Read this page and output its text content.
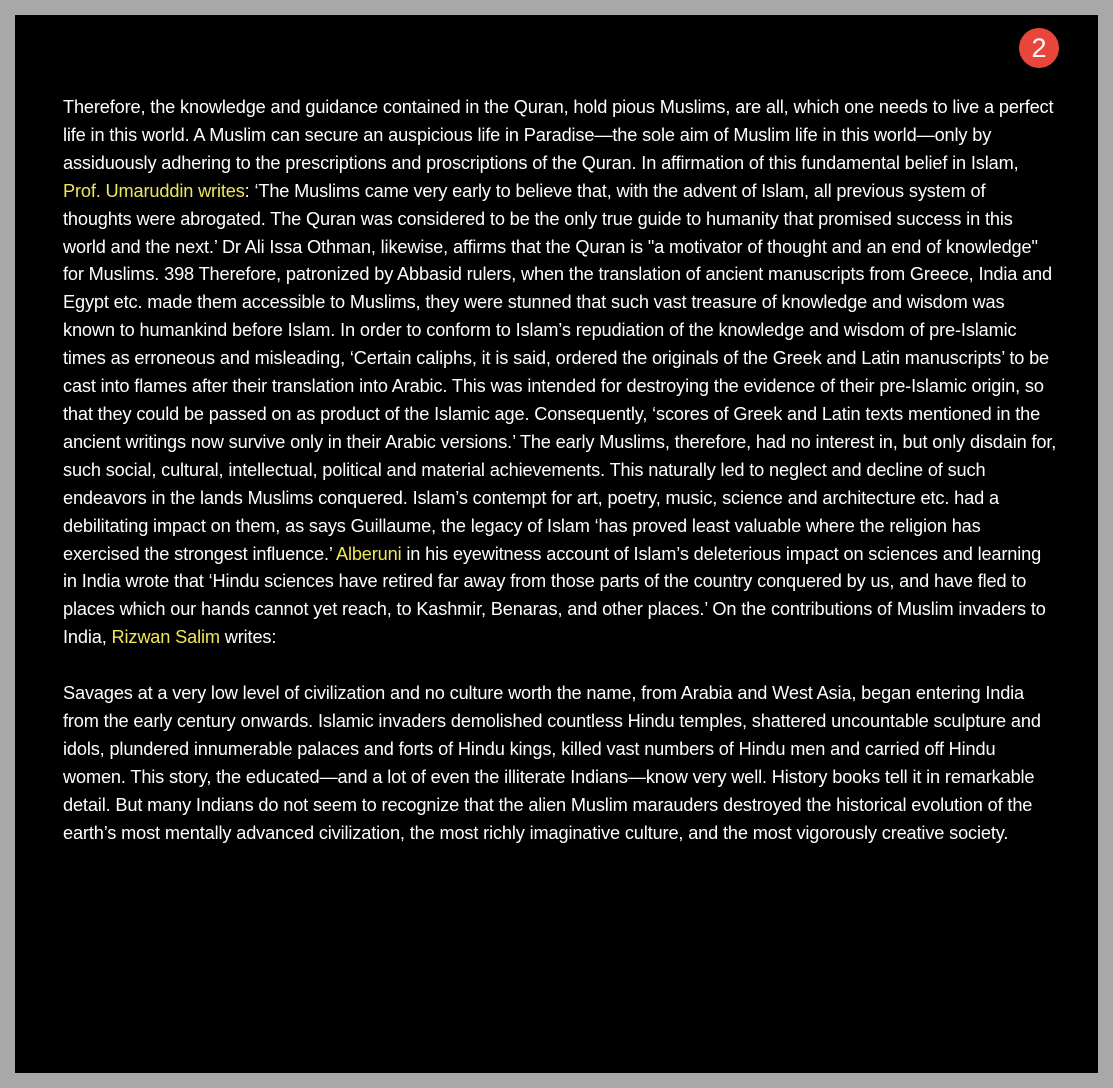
2

Therefore, the knowledge and guidance contained in the Quran, hold pious Muslims, are all, which one needs to live a perfect life in this world. A Muslim can secure an auspicious life in Paradise—the sole aim of Muslim life in this world—only by assiduously adhering to the prescriptions and proscriptions of the Quran. In affirmation of this fundamental belief in Islam, Prof. Umaruddin writes: ‘The Muslims came very early to believe that, with the advent of Islam, all previous system of thoughts were abrogated. The Quran was considered to be the only true guide to humanity that promised success in this world and the next.’ Dr Ali Issa Othman, likewise, affirms that the Quran is "a motivator of thought and an end of knowledge" for Muslims. 398 Therefore, patronized by Abbasid rulers, when the translation of ancient manuscripts from Greece, India and Egypt etc. made them accessible to Muslims, they were stunned that such vast treasure of knowledge and wisdom was known to humankind before Islam. In order to conform to Islam’s repudiation of the knowledge and wisdom of pre-Islamic times as erroneous and misleading, ‘Certain caliphs, it is said, ordered the originals of the Greek and Latin manuscripts’ to be cast into flames after their translation into Arabic. This was intended for destroying the evidence of their pre-Islamic origin, so that they could be passed on as product of the Islamic age. Consequently, ‘scores of Greek and Latin texts mentioned in the ancient writings now survive only in their Arabic versions.’ The early Muslims, therefore, had no interest in, but only disdain for, such social, cultural, intellectual, political and material achievements. This naturally led to neglect and decline of such endeavors in the lands Muslims conquered. Islam’s contempt for art, poetry, music, science and architecture etc. had a debilitating impact on them, as says Guillaume, the legacy of Islam ‘has proved least valuable where the religion has exercised the strongest influence.’ Alberuni in his eyewitness account of Islam’s deleterious impact on sciences and learning in India wrote that ‘Hindu sciences have retired far away from those parts of the country conquered by us, and have fled to places which our hands cannot yet reach, to Kashmir, Benaras, and other places.’ On the contributions of Muslim invaders to India, Rizwan Salim writes:

Savages at a very low level of civilization and no culture worth the name, from Arabia and West Asia, began entering India from the early century onwards. Islamic invaders demolished countless Hindu temples, shattered uncountable sculpture and idols, plundered innumerable palaces and forts of Hindu kings, killed vast numbers of Hindu men and carried off Hindu women. This story, the educated—and a lot of even the illiterate Indians—know very well. History books tell it in remarkable detail. But many Indians do not seem to recognize that the alien Muslim marauders destroyed the historical evolution of the earth’s most mentally advanced civilization, the most richly imaginative culture, and the most vigorously creative society.
